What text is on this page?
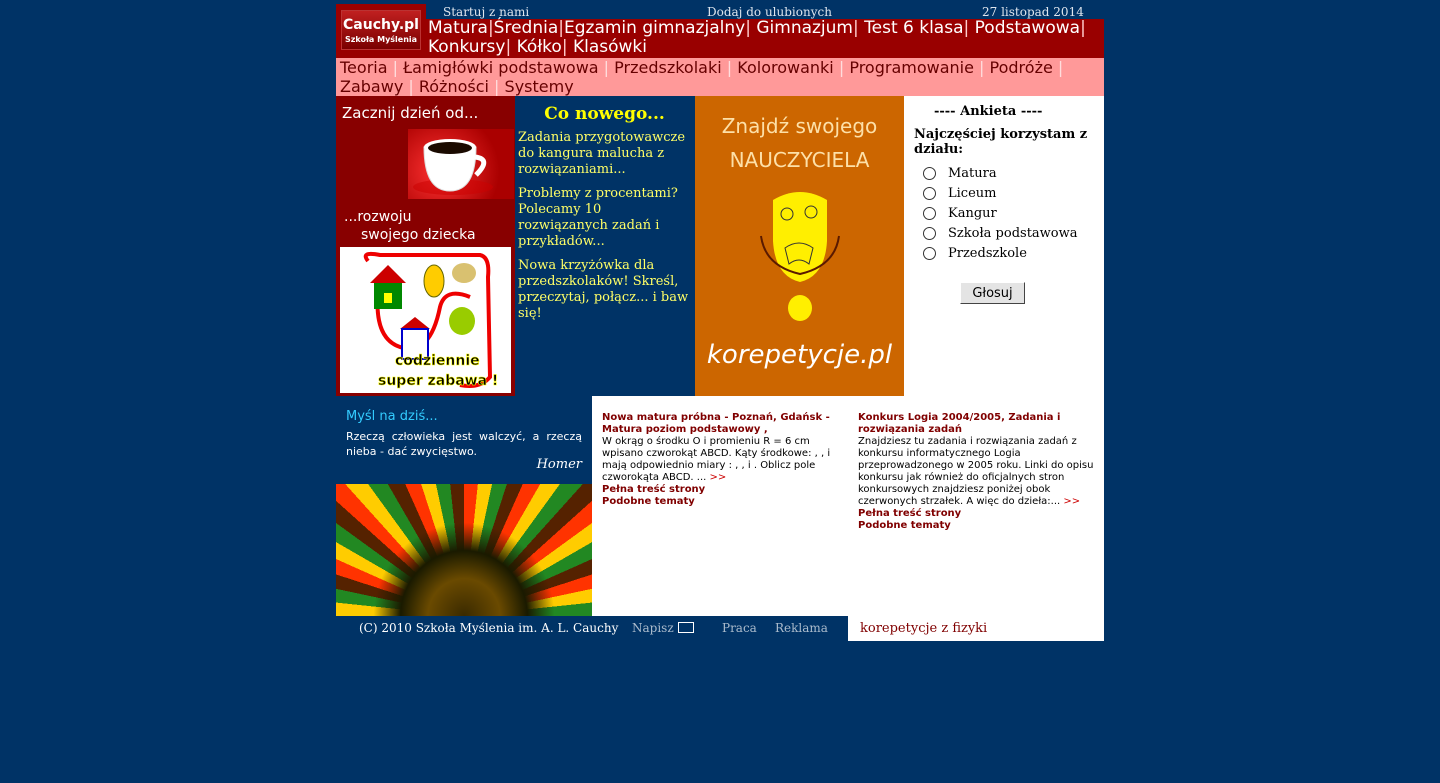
Cauchy.pl
Szkoła Myślenia
Startuj z nami	Dodaj do ulubionych	27 listopad 2014
Matura|Średnia|Egzamin gimnazjalny| Gimnazjum| Test 6 klasa| Podstawowa|
Konkursy| Kółko| Klasówki
Teoria | Łamigłówki podstawowa | Przedszkolaki | Kolorowanki | Programowanie | Podróże |
Zabawy | Różności | Systemy
Zacznij dzień od...
...rozwoju
swojego dziecka
codziennie
super zabawa !
Co nowego...

Zadania przygotowawcze do kangura malucha z rozwiązaniami...

Problemy z procentami? Polecamy 10 rozwiązanych zadań i przykładów...

Nowa krzyżówka dla przedszkolaków! Skreśl, przeczytaj, połącz... i baw się!

Znajdź swojego
NAUCZYCIELA
korepetycje.pl
---- Ankieta ----
Najczęściej korzystam z działu:
Matura
Liceum
Kangur
Szkoła podstawowa
Przedszkole
Głosuj
Myśl na dziś...
Rzeczą człowieka jest walczyć, a rzeczą nieba - dać zwycięstwo.
Homer
Nowa matura próbna - Poznań, Gdańsk - Matura poziom podstawowy ,
W okrąg o środku O i promieniu R = 6 cm wpisano czworokąt ABCD. Kąty środkowe: , , i mają odpowiednio miary : , , i . Oblicz pole czworokąta ABCD. ... >>
Pełna treść strony
Podobne tematy
Konkurs Logia 2004/2005, Zadania i rozwiązania zadań
Znajdziesz tu zadania i rozwiązania zadań z konkursu informatycznego Logia przeprowadzonego w 2005 roku. Linki do opisu konkursu jak również do oficjalnych stron konkursowych znajdziesz poniżej obok czerwonych strzałek. A więc do dzieła:... >>
Pełna treść strony
Podobne tematy
(C) 2010 Szkoła Myślenia im. A. L. Cauchy Napisz	Praca Reklama korepetycje z fizyki
